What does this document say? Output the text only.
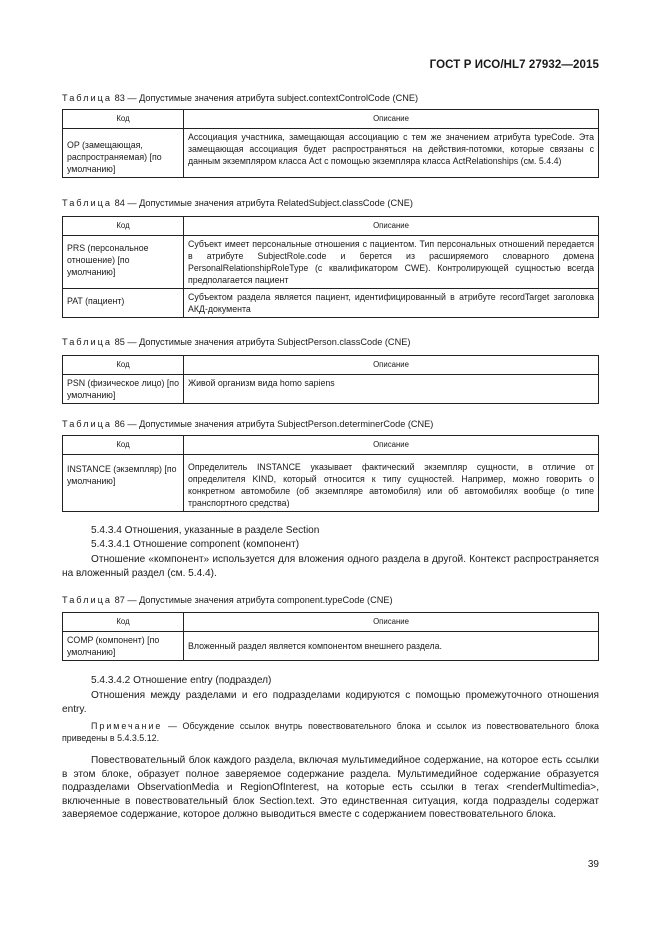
ГОСТ Р ИСО/HL7 27932—2015
Таблица 83 — Допустимые значения атрибута subject.contextControlCode (CNE)
Код	Описание
OP (замещающая, распространяемая) [по умолчанию]	Ассоциация участника, замещающая ассоциацию с тем же значением атрибута typeCode. Эта замещающая ассоциация будет распространяться на действия-потомки, которые связаны с данным экземпляром класса Act с помощью экземпляра класса ActRelationships (см. 5.4.4)
Таблица 84 — Допустимые значения атрибута RelatedSubject.classCode (CNE)
Код	Описание
PRS (персональное отношение) [по умолчанию]	Субъект имеет персональные отношения с пациентом. Тип персональных отношений передается в атрибуте SubjectRole.code и берется из расширяемого словарного домена PersonalRelationshipRoleType (с квалификатором CWE). Контролирующей сущностью всегда предполагается пациент
PAT (пациент)	Субъектом раздела является пациент, идентифицированный в атрибуте recordTarget заголовка АКД-документа
Таблица 85 — Допустимые значения атрибута SubjectPerson.classCode (CNE)
Код	Описание
PSN (физическое лицо) [по умолчанию]	Живой организм вида homo sapiens
Таблица 86 — Допустимые значения атрибута SubjectPerson.determinerCode (CNE)
Код	Описание
INSTANCE (экземпляр) [по умолчанию]	Определитель INSTANCE указывает фактический экземпляр сущности, в отличие от определителя KIND, который относится к типу сущностей. Например, можно говорить о конкретном автомобиле (об экземпляре автомобиля) или об автомобилях вообще (о типе транспортного средства)
5.4.3.4 Отношения, указанные в разделе Section
5.4.3.4.1 Отношение component (компонент)
Отношение «компонент» используется для вложения одного раздела в другой. Контекст распространяется на вложенный раздел (см. 5.4.4).
Таблица 87 — Допустимые значения атрибута component.typeCode (CNE)
Код	Описание
COMP (компонент) [по умолчанию]	Вложенный раздел является компонентом внешнего раздела.
5.4.3.4.2 Отношение entry (подраздел)
Отношения между разделами и его подразделами кодируются с помощью промежуточного отношения entry.
Примечание — Обсуждение ссылок внутрь повествовательного блока и ссылок из повествовательного блока приведены в 5.4.3.5.12.
Повествовательный блок каждого раздела, включая мультимедийное содержание, на которое есть ссылки в этом блоке, образует полное заверяемое содержание раздела. Мультимедийное содержание образуется подразделами ObservationMedia и RegionOfInterest, на которые есть ссылки в тегах <renderMultimedia>, включенные в повествовательный блок Section.text. Это единственная ситуация, когда подразделы содержат заверяемое содержание, которое должно выводиться вместе с содержанием повествовательного блока.
39
